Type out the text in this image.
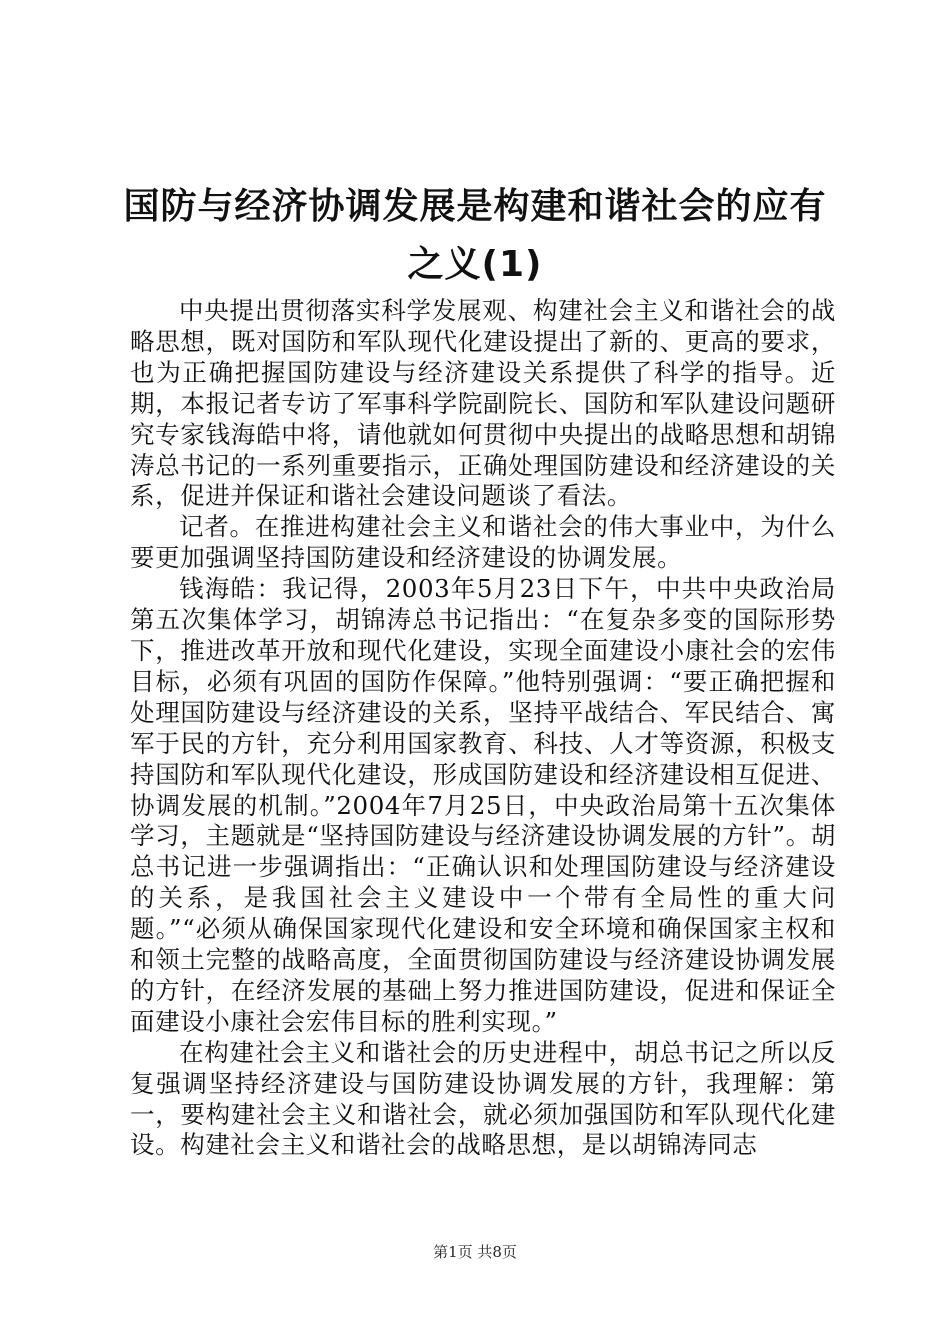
国防与经济协调发展是构建和谐社会的应有之义(1)

中央提出贯彻落实科学发展观、构建社会主义和谐社会的战略思想，既对国防和军队现代化建设提出了新的、更高的要求，也为正确把握国防建设与经济建设关系提供了科学的指导。近期，本报记者专访了军事科学院副院长、国防和军队建设问题研究专家钱海皓中将，请他就如何贯彻中央提出的战略思想和胡锦涛总书记的一系列重要指示，正确处理国防建设和经济建设的关系，促进并保证和谐社会建设问题谈了看法。

记者。在推进构建社会主义和谐社会的伟大事业中，为什么要更加强调坚持国防建设和经济建设的协调发展。

钱海皓：我记得，2003年5月23日下午，中共中央政治局第五次集体学习，胡锦涛总书记指出：“在复杂多变的国际形势下，推进改革开放和现代化建设，实现全面建设小康社会的宏伟目标，必须有巩固的国防作保障。”他特别强调：“要正确把握和处理国防建设与经济建设的关系，坚持平战结合、军民结合、寓军于民的方针，充分利用国家教育、科技、人才等资源，积极支持国防和军队现代化建设，形成国防建设和经济建设相互促进、协调发展的机制。”2004年7月25日，中央政治局第十五次集体学习，主题就是“坚持国防建设与经济建设协调发展的方针”。胡总书记进一步强调指出：“正确认识和处理国防建设与经济建设的关系，是我国社会主义建设中一个带有全局性的重大问题。”“必须从确保国家现代化建设和安全环境和确保国家主权和和领土完整的战略高度，全面贯彻国防建设与经济建设协调发展的方针，在经济发展的基础上努力推进国防建设，促进和保证全面建设小康社会宏伟目标的胜利实现。”

在构建社会主义和谐社会的历史进程中，胡总书记之所以反复强调坚持经济建设与国防建设协调发展的方针，我理解：第一，要构建社会主义和谐社会，就必须加强国防和军队现代化建设。构建社会主义和谐社会的战略思想，是以胡锦涛同志

第1页 共8页
